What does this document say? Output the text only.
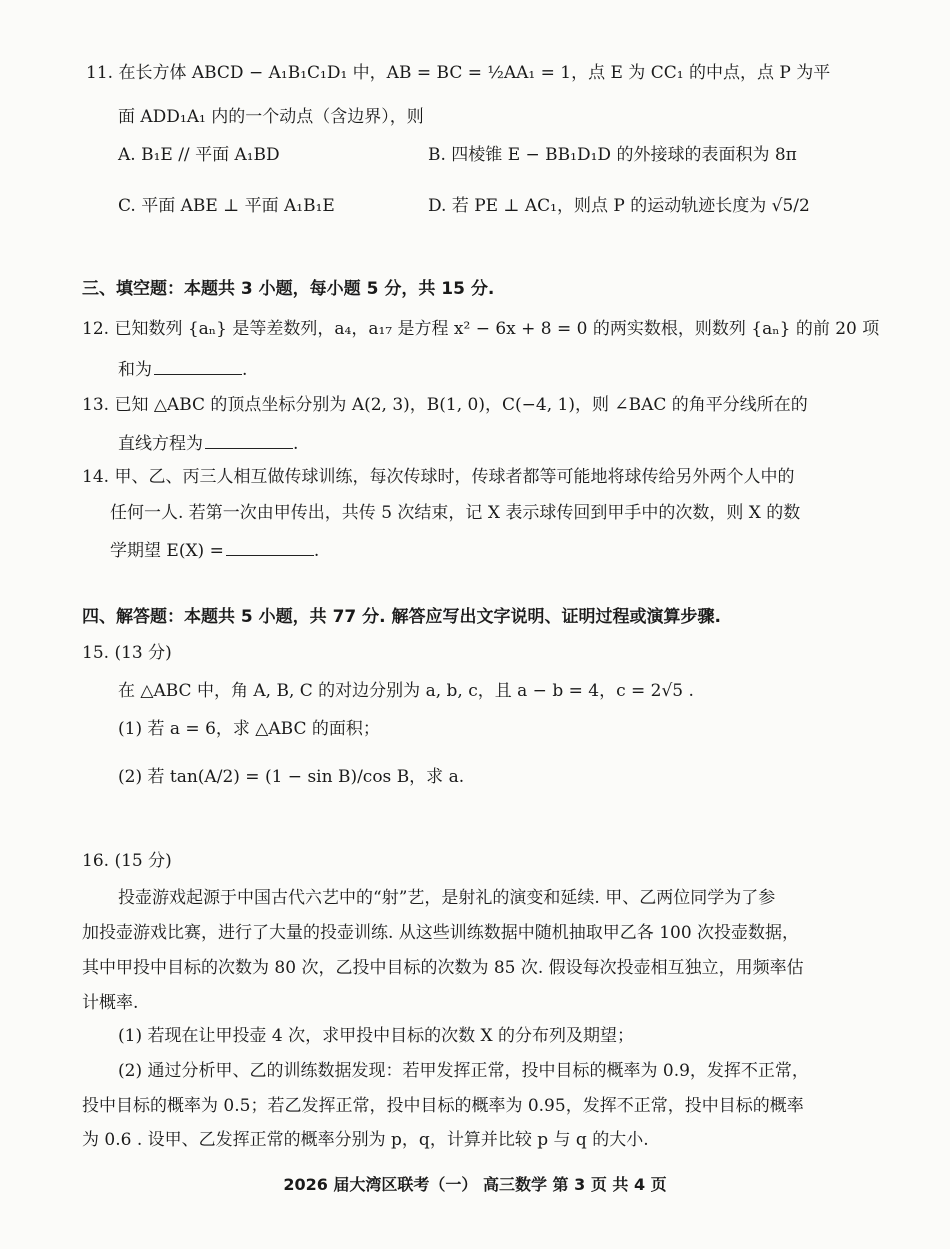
11. 在长方体 ABCD − A₁B₁C₁D₁ 中，AB = BC = ½AA₁ = 1，点 E 为 CC₁ 的中点，点 P 为平
面 ADD₁A₁ 内的一个动点（含边界），则
A. B₁E // 平面 A₁BD	B. 四棱锥 E − BB₁D₁D 的外接球的表面积为 8π
C. 平面 ABE ⊥ 平面 A₁B₁E	D. 若 PE ⊥ AC₁，则点 P 的运动轨迹长度为 √5/2
三、填空题：本题共 3 小题，每小题 5 分，共 15 分.
12. 已知数列 {aₙ} 是等差数列，a₄，a₁₇ 是方程 x² − 6x + 8 = 0 的两实数根，则数列 {aₙ} 的前 20 项
和为	.
13. 已知 △ABC 的顶点坐标分别为 A(2, 3)，B(1, 0)，C(−4, 1)，则 ∠BAC 的角平分线所在的
直线方程为	.
14. 甲、乙、丙三人相互做传球训练，每次传球时，传球者都等可能地将球传给另外两个人中的
任何一人. 若第一次由甲传出，共传 5 次结束，记 X 表示球传回到甲手中的次数，则 X 的数
学期望 E(X) =	.
四、解答题：本题共 5 小题，共 77 分. 解答应写出文字说明、证明过程或演算步骤.
15. (13 分)
在 △ABC 中，角 A, B, C 的对边分别为 a, b, c，且 a − b = 4，c = 2√5 .
(1) 若 a = 6，求 △ABC 的面积；
(2) 若 tan(A/2) = (1 − sin B)/cos B，求 a.
16. (15 分)
投壶游戏起源于中国古代六艺中的“射”艺，是射礼的演变和延续. 甲、乙两位同学为了参
加投壶游戏比赛，进行了大量的投壶训练. 从这些训练数据中随机抽取甲乙各 100 次投壶数据，
其中甲投中目标的次数为 80 次，乙投中目标的次数为 85 次. 假设每次投壶相互独立，用频率估
计概率.
(1) 若现在让甲投壶 4 次，求甲投中目标的次数 X 的分布列及期望；
(2) 通过分析甲、乙的训练数据发现：若甲发挥正常，投中目标的概率为 0.9，发挥不正常，
投中目标的概率为 0.5；若乙发挥正常，投中目标的概率为 0.95，发挥不正常，投中目标的概率
为 0.6 . 设甲、乙发挥正常的概率分别为 p，q，计算并比较 p 与 q 的大小.
2026 届大湾区联考（一） 高三数学 第 3 页 共 4 页
